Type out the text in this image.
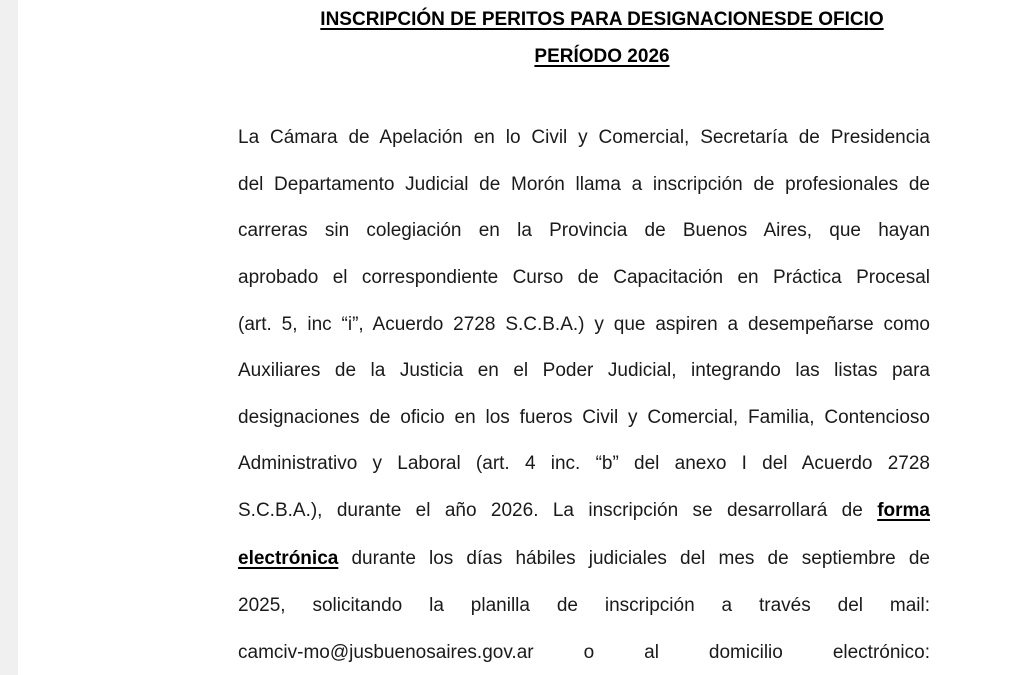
INSCRIPCIÓN DE PERITOS PARA DESIGNACIONESDE OFICIO

PERÍODO 2026

La Cámara de Apelación en lo Civil y Comercial, Secretaría de Presidencia

del Departamento Judicial de Morón llama a inscripción de profesionales de

carreras sin colegiación en la Provincia de Buenos Aires, que hayan

aprobado el correspondiente Curso de Capacitación en Práctica Procesal

(art. 5, inc “i”, Acuerdo 2728 S.C.B.A.) y que aspiren a desempeñarse como

Auxiliares de la Justicia en el Poder Judicial, integrando las listas para

designaciones de oficio en los fueros Civil y Comercial, Familia, Contencioso

Administrativo y Laboral (art. 4 inc. “b” del anexo I del Acuerdo 2728

S.C.B.A.), durante el año 2026. La inscripción se desarrollará de forma

electrónica durante los días hábiles judiciales del mes de septiembre de

2025, solicitando la planilla de inscripción a través del mail:

camciv-mo@jusbuenosaires.gov.ar o al domicilio electrónico:
